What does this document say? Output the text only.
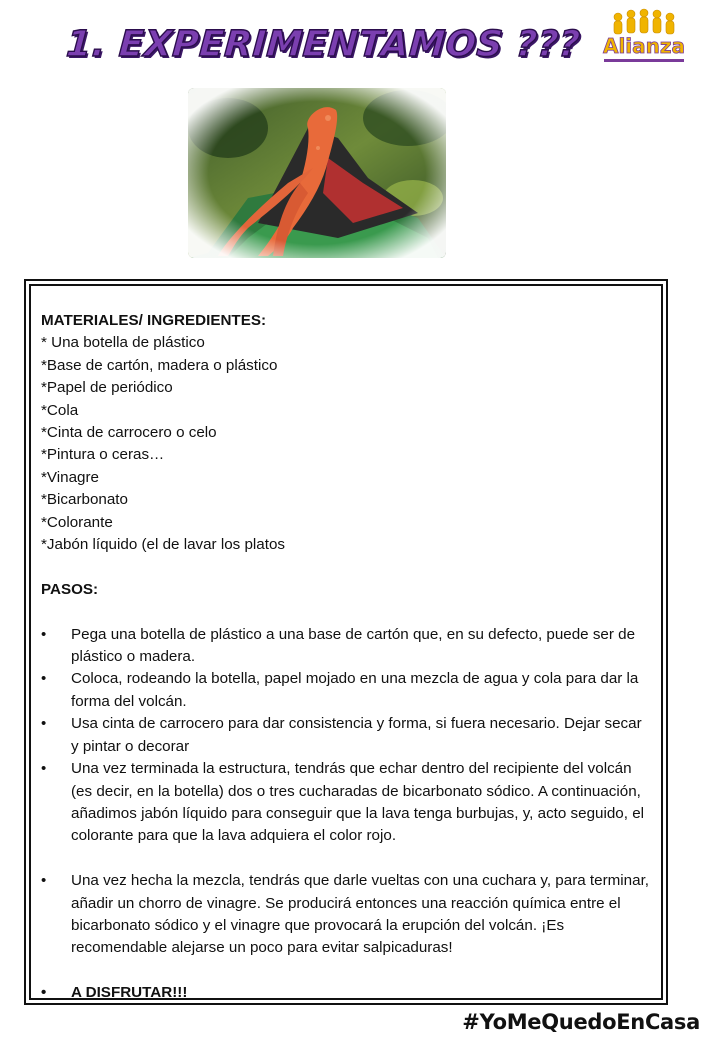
1. EXPERIMENTAMOS ??? Alianza
MATERIALES/ INGREDIENTES:
* Una botella de plástico
*Base de cartón, madera o plástico
*Papel de periódico
*Cola
*Cinta de carrocero o celo
*Pintura o ceras…
*Vinagre
*Bicarbonato
*Colorante
*Jabón líquido (el de lavar los platos
PASOS:
• Pega una botella de plástico a una base de cartón que, en su defecto, puede ser de plástico o madera.
• Coloca, rodeando la botella, papel mojado en una mezcla de agua y cola para dar la forma del volcán.
• Usa cinta de carrocero para dar consistencia y forma, si fuera necesario. Dejar secar y pintar o decorar
• Una vez terminada la estructura, tendrás que echar dentro del recipiente del volcán (es decir, en la botella) dos o tres cucharadas de bicarbonato sódico. A continuación, añadimos jabón líquido para conseguir que la lava tenga burbujas, y, acto seguido, el colorante para que la lava adquiera el color rojo.
• Una vez hecha la mezcla, tendrás que darle vueltas con una cuchara y, para terminar, añadir un chorro de vinagre. Se producirá entonces una reacción química entre el bicarbonato sódico y el vinagre que provocará la erupción del volcán. ¡Es recomendable alejarse un poco para evitar salpicaduras!
• A DISFRUTAR!!!
#YoMeQuedoEnCasa
